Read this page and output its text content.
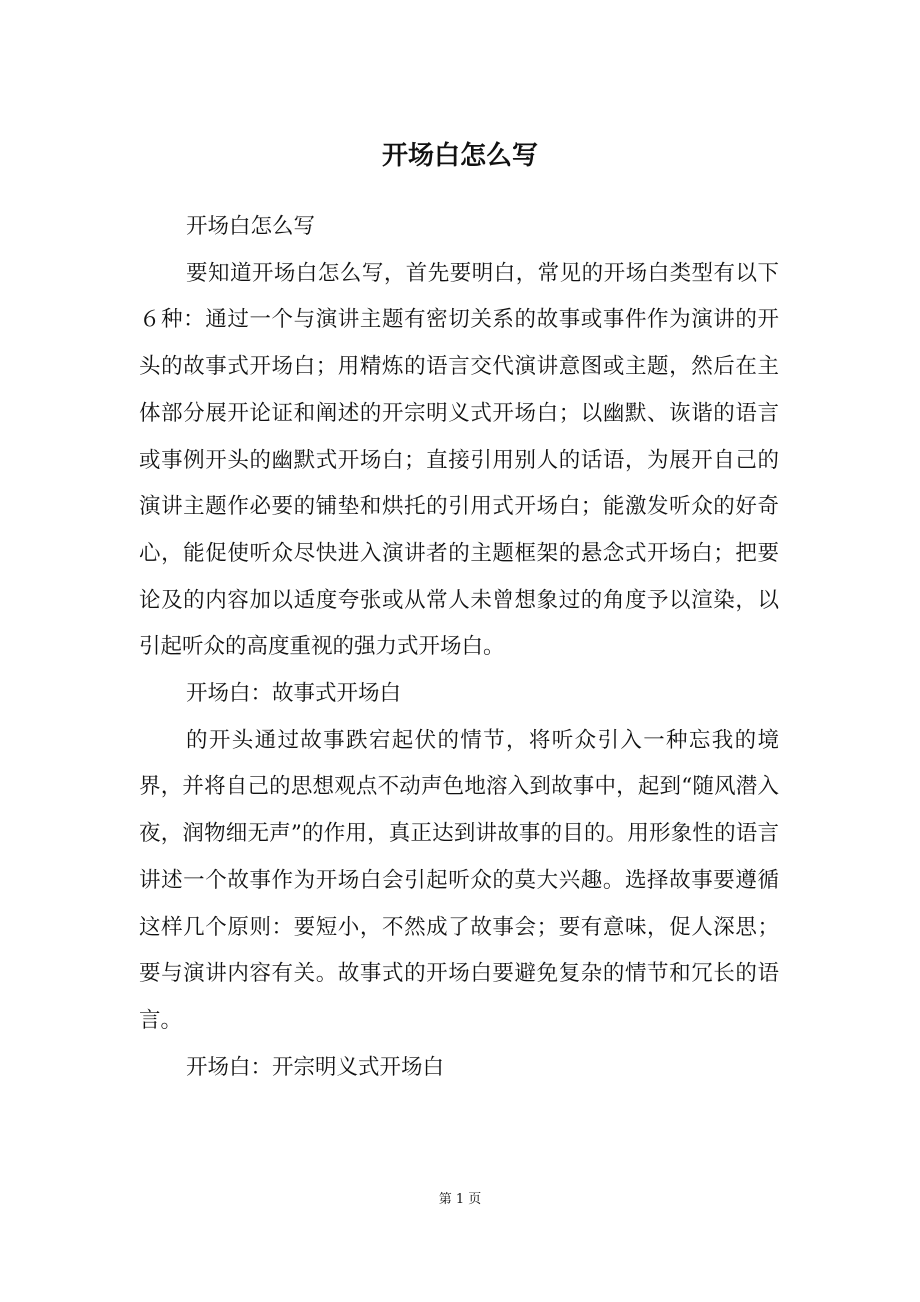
开场白怎么写

开场白怎么写

要知道开场白怎么写，首先要明白，常见的开场白类型有以下６种：通过一个与演讲主题有密切关系的故事或事件作为演讲的开头的故事式开场白；用精炼的语言交代演讲意图或主题，然后在主体部分展开论证和阐述的开宗明义式开场白；以幽默、诙谐的语言或事例开头的幽默式开场白；直接引用别人的话语，为展开自己的演讲主题作必要的铺垫和烘托的引用式开场白；能激发听众的好奇心，能促使听众尽快进入演讲者的主题框架的悬念式开场白；把要论及的内容加以适度夸张或从常人未曾想象过的角度予以渲染，以引起听众的高度重视的强力式开场白。

开场白：故事式开场白

的开头通过故事跌宕起伏的情节，将听众引入一种忘我的境界，并将自己的思想观点不动声色地溶入到故事中，起到“随风潜入夜，润物细无声”的作用，真正达到讲故事的目的。用形象性的语言讲述一个故事作为开场白会引起听众的莫大兴趣。选择故事要遵循这样几个原则：要短小，不然成了故事会；要有意味，促人深思；要与演讲内容有关。故事式的开场白要避免复杂的情节和冗长的语言。

开场白：开宗明义式开场白

第 1 页
